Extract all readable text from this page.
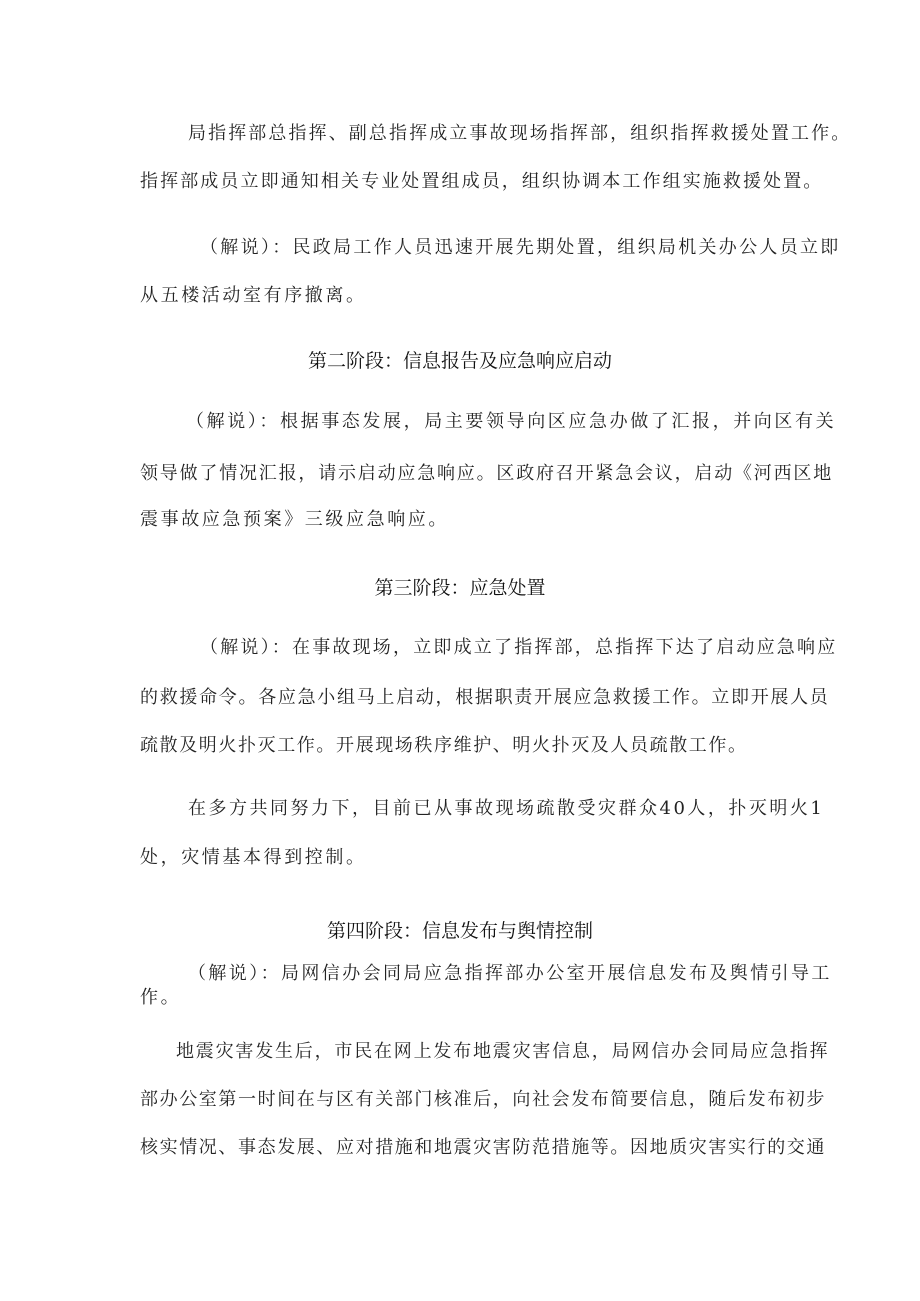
局指挥部总指挥、副总指挥成立事故现场指挥部，组织指挥救援处置工作。
指挥部成员立即通知相关专业处置组成员，组织协调本工作组实施救援处置。
（解说）：民政局工作人员迅速开展先期处置，组织局机关办公人员立即
从五楼活动室有序撤离。
第二阶段：信息报告及应急响应启动
（解说）：根据事态发展，局主要领导向区应急办做了汇报，并向区有关
领导做了情况汇报，请示启动应急响应。区政府召开紧急会议，启动《河西区地
震事故应急预案》三级应急响应。
第三阶段：应急处置
（解说）：在事故现场，立即成立了指挥部，总指挥下达了启动应急响应
的救援命令。各应急小组马上启动，根据职责开展应急救援工作。立即开展人员
疏散及明火扑灭工作。开展现场秩序维护、明火扑灭及人员疏散工作。
在多方共同努力下，目前已从事故现场疏散受灾群众40人，扑灭明火1
处，灾情基本得到控制。
第四阶段：信息发布与舆情控制
（解说）：局网信办会同局应急指挥部办公室开展信息发布及舆情引导工
作。
地震灾害发生后，市民在网上发布地震灾害信息，局网信办会同局应急指挥
部办公室第一时间在与区有关部门核准后，向社会发布简要信息，随后发布初步
核实情况、事态发展、应对措施和地震灾害防范措施等。因地质灾害实行的交通
